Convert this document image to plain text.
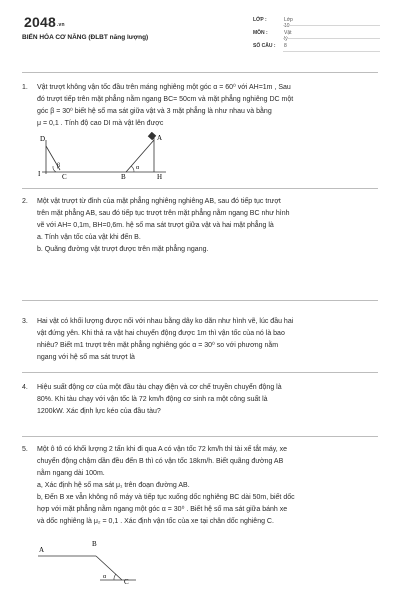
2048.vn
BIẾN HÓA CƠ NĂNG (ĐLBT năng lượng)
LỚP :	Lớp 10
MÔN :	Vật lý
SỐ CÂU :	8
1. Vật trượt không vận tốc đầu trên máng nghiêng một góc α = 60⁰ với AH=1m , Sau
đó trượt tiếp trên mặt phẳng nằm ngang BC= 50cm và mặt phẳng nghiêng DC một
góc β = 30⁰ biết hệ số ma sát giữa vật và 3 mặt phẳng là như nhau và bằng
μ = 0,1 . Tính độ cao DI mà vật lên được
D
I
β
C	B
α
A
H
2. Một vật trượt từ đỉnh của mặt phẳng nghiêng nghiêng AB, sau đó tiếp tục trượt
trên mặt phẳng AB, sau đó tiếp tục trượt trên mặt phẳng nằm ngang BC như hình
vẽ với AH= 0,1m, BH=0,6m. hệ số ma sát trượt giữa vật và hai mặt phẳng là
a. Tính vận tốc của vật khi đến B.
b. Quãng đường vật trượt được trên mặt phẳng ngang.
3. Hai vật có khối lượng được nối với nhau bằng dây ko dãn như hình vẽ, lúc đầu hai
vật đứng yên. Khi thả ra vật hai chuyển động được 1m thì vận tốc của nó là bao
nhiêu? Biết m1 trượt trên mặt phẳng nghiêng góc α = 30⁰ so với phương nằm
ngang với hệ số ma sát trượt là
4. Hiệu suất động cơ của một đầu tàu chạy điện và cơ chế truyền chuyển động là
80%. Khi tàu chạy với vận tốc là 72 km/h động cơ sinh ra một công suất là
1200kW. Xác định lực kéo của đầu tàu?
5. Một ô tô có khối lượng 2 tấn khi đi qua A có vận tốc 72 km/h thì tài xế tắt máy, xe
chuyển động chậm dần đều đến B thì có vận tốc 18km/h. Biết quãng đường AB
nằm ngang dài 100m.
a, Xác định hệ số ma sát μ₁ trên đoạn đường AB.
b, Đến B xe vẫn không nổ máy và tiếp tục xuống dốc nghiêng BC dài 50m, biết dốc
hợp với mặt phẳng nằm ngang một góc α = 30⁰ . Biết hệ số ma sát giữa bánh xe
và dốc nghiêng là μ₂ = 0,1 . Xác định vận tốc của xe tại chân dốc nghiêng C.
A
B
α
C
